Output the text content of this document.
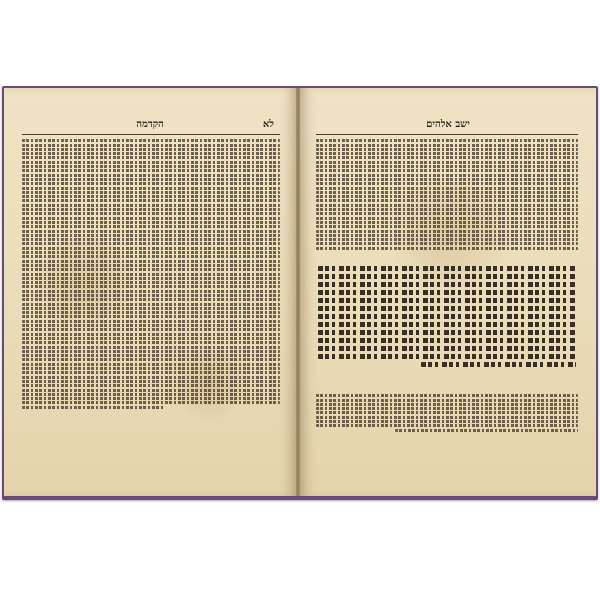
לא
הקדמה	ישב אלהים
